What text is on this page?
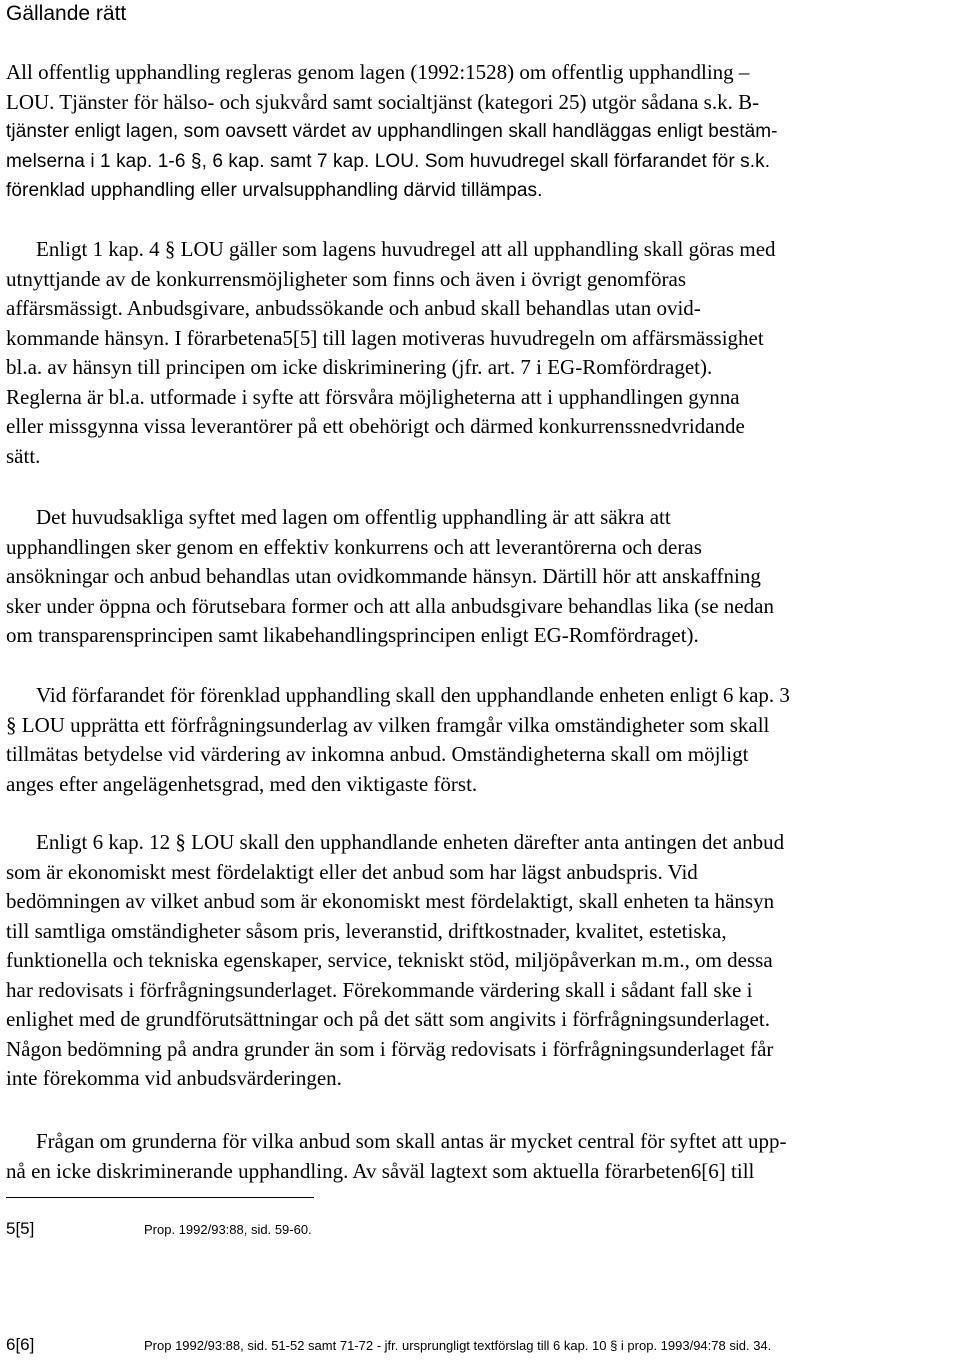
Gällande rätt
All offentlig upphandling regleras genom lagen (1992:1528) om offentlig upphandling –
LOU. Tjänster för hälso- och sjukvård samt socialtjänst (kategori 25) utgör sådana s.k. B-
tjänster enligt lagen, som oavsett värdet av upphandlingen skall handläggas enligt bestäm-
melserna i 1 kap. 1-6 §, 6 kap. samt 7 kap. LOU. Som huvudregel skall förfarandet för s.k.
förenklad upphandling eller urvalsupphandling därvid tillämpas.
Enligt 1 kap. 4 § LOU gäller som lagens huvudregel att all upphandling skall göras med
utnyttjande av de konkurrensmöjligheter som finns och även i övrigt genomföras
affärsmässigt. Anbudsgivare, anbudssökande och anbud skall behandlas utan ovid-
kommande hänsyn. I förarbetena5[5] till lagen motiveras huvudregeln om affärsmässighet
bl.a. av hänsyn till principen om icke diskriminering (jfr. art. 7 i EG-Romfördraget).
Reglerna är bl.a. utformade i syfte att försvåra möjligheterna att i upphandlingen gynna
eller missgynna vissa leverantörer på ett obehörigt och därmed konkurrenssnedvridande
sätt.
Det huvudsakliga syftet med lagen om offentlig upphandling är att säkra att
upphandlingen sker genom en effektiv konkurrens och att leverantörerna och deras
ansökningar och anbud behandlas utan ovidkommande hänsyn. Därtill hör att anskaffning
sker under öppna och förutsebara former och att alla anbudsgivare behandlas lika (se nedan
om transparensprincipen samt likabehandlingsprincipen enligt EG-Romfördraget).
Vid förfarandet för förenklad upphandling skall den upphandlande enheten enligt 6 kap. 3
§ LOU upprätta ett förfrågningsunderlag av vilken framgår vilka omständigheter som skall
tillmätas betydelse vid värdering av inkomna anbud. Omständigheterna skall om möjligt
anges efter angelägenhetsgrad, med den viktigaste först.
Enligt 6 kap. 12 § LOU skall den upphandlande enheten därefter anta antingen det anbud
som är ekonomiskt mest fördelaktigt eller det anbud som har lägst anbudspris. Vid
bedömningen av vilket anbud som är ekonomiskt mest fördelaktigt, skall enheten ta hänsyn
till samtliga omständigheter såsom pris, leveranstid, driftkostnader, kvalitet, estetiska,
funktionella och tekniska egenskaper, service, tekniskt stöd, miljöpåverkan m.m., om dessa
har redovisats i förfrågningsunderlaget. Förekommande värdering skall i sådant fall ske i
enlighet med de grundförutsättningar och på det sätt som angivits i förfrågningsunderlaget.
Någon bedömning på andra grunder än som i förväg redovisats i förfrågningsunderlaget får
inte förekomma vid anbudsvärderingen.
Frågan om grunderna för vilka anbud som skall antas är mycket central för syftet att upp-
nå en icke diskriminerande upphandling. Av såväl lagtext som aktuella förarbeten6[6] till
5[5]	Prop. 1992/93:88, sid. 59-60.
6[6]	Prop 1992/93:88, sid. 51-52 samt 71-72 - jfr. ursprungligt textförslag till 6 kap. 10 § i prop. 1993/94:78 sid. 34.
